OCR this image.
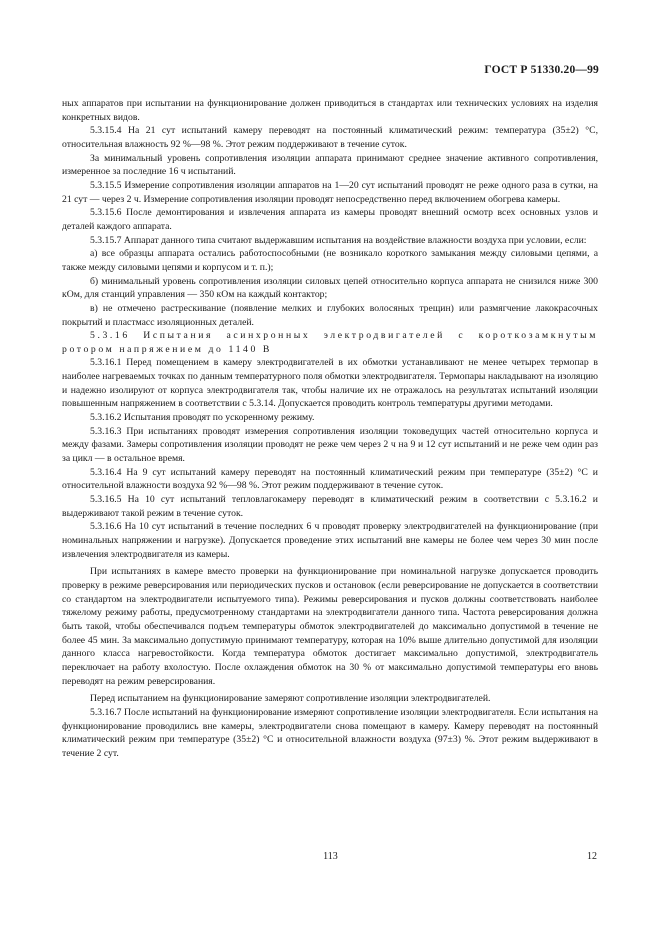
ГОСТ Р 51330.20—99

ных аппаратов при испытании на функционирование должен приводиться в стандартах или технических условиях на изделия конкретных видов.

5.3.15.4 На 21 сут испытаний камеру переводят на постоянный климатический режим: температура (35±2) °С, относительная влажность 92 %—98 %. Этот режим поддерживают в течение суток.

За минимальный уровень сопротивления изоляции аппарата принимают среднее значение активного сопротивления, измеренное за последние 16 ч испытаний.

5.3.15.5 Измерение сопротивления изоляции аппаратов на 1—20 сут испытаний проводят не реже одного раза в сутки, на 21 сут — через 2 ч. Измерение сопротивления изоляции проводят непосредственно перед включением обогрева камеры.

5.3.15.6 После демонтирования и извлечения аппарата из камеры проводят внешний осмотр всех основных узлов и деталей каждого аппарата.

5.3.15.7 Аппарат данного типа считают выдержавшим испытания на воздействие влажности воздуха при условии, если:

а) все образцы аппарата остались работоспособными (не возникало короткого замыкания между силовыми цепями, а также между силовыми цепями и корпусом и т. п.);

б) минимальный уровень сопротивления изоляции силовых цепей относительно корпуса аппарата не снизился ниже 300 кОм, для станций управления — 350 кОм на каждый контактор;

в) не отмечено растрескивание (появление мелких и глубоких волосяных трещин) или размягчение лакокрасочных покрытий и пластмасс изоляционных деталей.

5.3.16 Испытания асинхронных электродвигателей с короткозамкнутым ротором напряжением до 1140 В

5.3.16.1 Перед помещением в камеру электродвигателей в их обмотки устанавливают не менее четырех термопар в наиболее нагреваемых точках по данным температурного поля обмотки электродвигателя. Термопары накладывают на изоляцию и надежно изолируют от корпуса электродвигателя так, чтобы наличие их не отражалось на результатах испытаний изоляции повышенным напряжением в соответствии с 5.3.14. Допускается проводить контроль температуры другими методами.

5.3.16.2 Испытания проводят по ускоренному режиму.

5.3.16.3 При испытаниях проводят измерения сопротивления изоляции токоведущих частей относительно корпуса и между фазами. Замеры сопротивления изоляции проводят не реже чем через 2 ч на 9 и 12 сут испытаний и не реже чем один раз за цикл — в остальное время.

5.3.16.4 На 9 сут испытаний камеру переводят на постоянный климатический режим при температуре (35±2) °С и относительной влажности воздуха 92 %—98 %. Этот режим поддерживают в течение суток.

5.3.16.5 На 10 сут испытаний тепловлагокамеру переводят в климатический режим в соответствии с 5.3.16.2 и выдерживают такой режим в течение суток.

5.3.16.6 На 10 сут испытаний в течение последних 6 ч проводят проверку электродвигателей на функционирование (при номинальных напряжении и нагрузке). Допускается проведение этих испытаний вне камеры не более чем через 30 мин после извлечения электродвигателя из камеры.

При испытаниях в камере вместо проверки на функционирование при номинальной нагрузке допускается проводить проверку в режиме реверсирования или периодических пусков и остановок (если реверсирование не допускается в соответствии со стандартом на электродвигатели испытуемого типа). Режимы реверсирования и пусков должны соответствовать наиболее тяжелому режиму работы, предусмотренному стандартами на электродвигатели данного типа. Частота реверсирования должна быть такой, чтобы обеспечивался подъем температуры обмоток электродвигателей до максимально допустимой в течение не более 45 мин. За максимально допустимую принимают температуру, которая на 10% выше длительно допустимой для изоляции данного класса нагревостойкости. Когда температура обмоток достигает максимально допустимой, электродвигатель переключает на работу вхолостую. После охлаждения обмоток на 30 % от максимально допустимой температуры его вновь переводят на режим реверсирования.

Перед испытанием на функционирование замеряют сопротивление изоляции электродвигателей.

5.3.16.7 После испытаний на функционирование измеряют сопротивление изоляции электродвигателя. Если испытания на функционирование проводились вне камеры, электродвигатели снова помещают в камеру. Камеру переводят на постоянный климатический режим при температуре (35±2) °С и относительной влажности воздуха (97±3) %. Этот режим выдерживают в течение 2 сут.

113	12
